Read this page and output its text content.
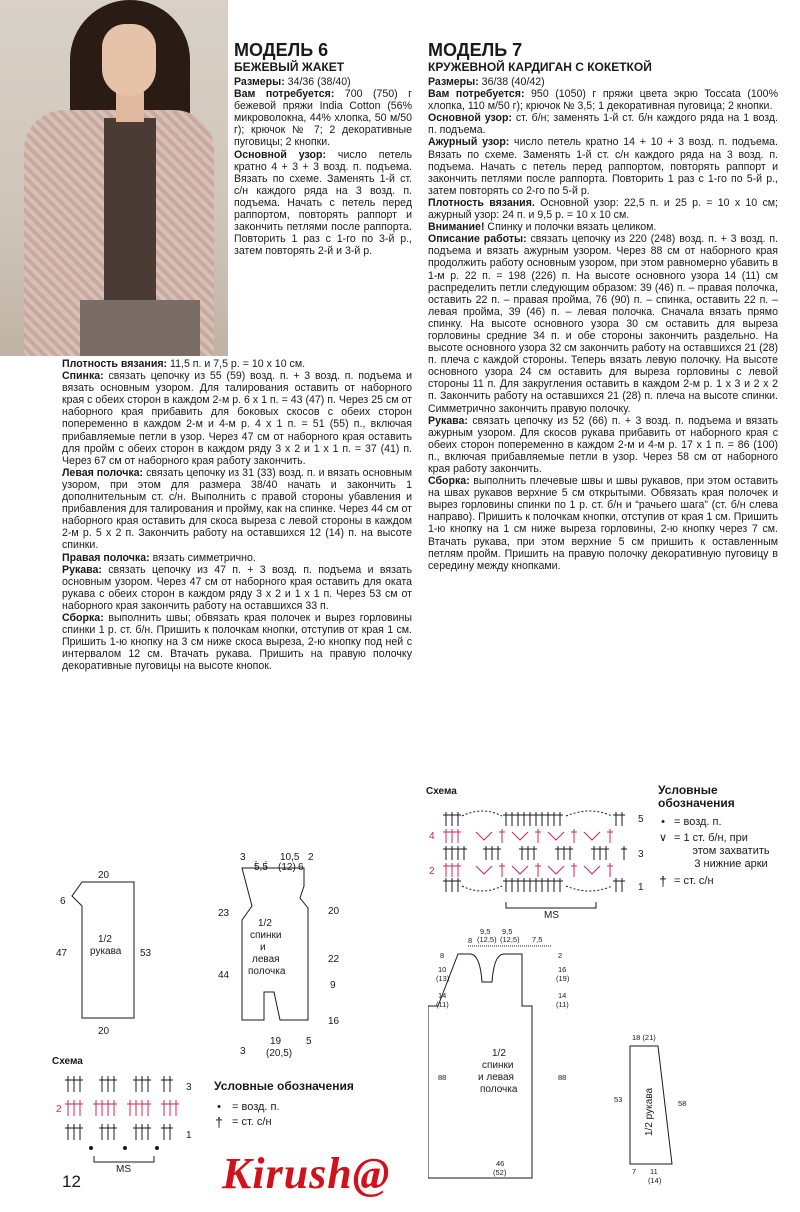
МОДЕЛЬ 6
БЕЖЕВЫЙ ЖАКЕТ

Размеры: 34/36 (38/40)

Вам потребуется: 700 (750) г бежевой пряжи India Cotton (56% микроволокна, 44% хлопка, 50 м/50 г); крючок № 7; 2 декоративные пуговицы; 2 кнопки.

Основной узор: число петель кратно 4 + 3 + 3 возд. п. подъема. Вязать по схеме. Заменять 1-й ст. с/н каждого ряда на 3 возд. п. подъема. Начать с петель перед раппортом, повторять раппорт и закончить петлями после раппорта. Повторить 1 раз с 1-го по 3-й р., затем повторять 2-й и 3-й р.

Плотность вязания: 11,5 п. и 7,5 р. = 10 х 10 см.

Спинка: связать цепочку из 55 (59) возд. п. + 3 возд. п. подъема и вязать основным узором. Для талирования оставить от наборного края с обеих сторон в каждом 2-м р. 6 х 1 п. = 43 (47) п. Через 25 см от наборного края прибавить для боковых скосов с обеих сторон попеременно в каждом 2-м и 4-м р. 4 х 1 п. = 51 (55) п., включая прибавляемые петли в узор. Через 47 см от наборного края оставить для пройм с обеих сторон в каждом ряду 3 х 2 и 1 х 1 п. = 37 (41) п. Через 67 см от наборного края работу закончить.

Левая полочка: связать цепочку из 31 (33) возд. п. и вязать основным узором, при этом для размера 38/40 начать и закончить 1 дополнительным ст. с/н. Выполнить с правой стороны убавления и прибавления для талирования и пройму, как на спинке. Через 44 см от наборного края оставить для скоса выреза с левой стороны в каждом 2-м р. 5 х 2 п. Закончить работу на оставшихся 12 (14) п. на высоте спинки.

Правая полочка: вязать симметрично.

Рукава: связать цепочку из 47 п. + 3 возд. п. подъема и вязать основным узором. Через 47 см от наборного края оставить для оката рукава с обеих сторон в каждом ряду 3 х 2 и 1 х 1 п. Через 53 см от наборного края закончить работу на оставшихся 33 п.

Сборка: выполнить швы; обвязать края полочек и вырез горловины спинки 1 р. ст. б/н. Пришить к полочкам кнопки, отступив от края 1 см. Пришить 1-ю кнопку на 3 см ниже скоса выреза, 2-ю кнопку под ней с интервалом 12 см. Втачать рукава. Пришить на правую полочку декоративные пуговицы на высоте кнопок.

МОДЕЛЬ 7
КРУЖЕВНОЙ КАРДИГАН С КОКЕТКОЙ

Размеры: 36/38 (40/42)

Вам потребуется: 950 (1050) г пряжи цвета экрю Toccata (100% хлопка, 110 м/50 г); крючок № 3,5; 1 декоративная пуговица; 2 кнопки.

Основной узор: ст. б/н; заменять 1-й ст. б/н каждого ряда на 1 возд. п. подъема.

Ажурный узор: число петель кратно 14 + 10 + 3 возд. п. подъема. Вязать по схеме. Заменять 1-й ст. с/н каждого ряда на 3 возд. п. подъема. Начать с петель перед раппортом, повторять раппорт и закончить петлями после раппорта. Повторить 1 раз с 1-го по 5-й р., затем повторять со 2-го по 5-й р.

Плотность вязания. Основной узор: 22,5 п. и 25 р. = 10 х 10 см; ажурный узор: 24 п. и 9,5 р. = 10 х 10 см.

Внимание! Спинку и полочки вязать целиком.

Описание работы: связать цепочку из 220 (248) возд. п. + 3 возд. п. подъема и вязать ажурным узором. Через 88 см от наборного края продолжить работу основным узором, при этом равномерно убавить в 1-м р. 22 п. = 198 (226) п. На высоте основного узора 14 (11) см распределить петли следующим образом: 39 (46) п. – правая полочка, оставить 22 п. – правая пройма, 76 (90) п. – спинка, оставить 22 п. – левая пройма, 39 (46) п. – левая полочка. Сначала вязать прямо спинку. На высоте основного узора 30 см оставить для выреза горловины средние 34 п. и обе стороны закончить раздельно. На высоте основного узора 32 см закончить работу на оставшихся 21 (28) п. плеча с каждой стороны. Теперь вязать левую полочку. На высоте основного узора 24 см оставить для выреза горловины с левой стороны 11 п. Для закругления оставить в каждом 2-м р. 1 х 3 и 2 х 2 п. Закончить работу на оставшихся 21 (28) п. плеча на высоте спинки. Симметрично закончить правую полочку.

Рукава: связать цепочку из 52 (66) п. + 3 возд. п. подъема и вязать ажурным узором. Для скосов рукава прибавить от наборного края с обеих сторон попеременно в каждом 2-м и 4-м р. 17 х 1 п. = 86 (100) п., включая прибавляемые петли в узор. Через 58 см от наборного края работу закончить.

Сборка: выполнить плечевые швы и швы рукавов, при этом оставить на швах рукавов верхние 5 см открытыми. Обвязать края полочек и вырез горловины спинки по 1 р. ст. б/н и “рачьего шага” (ст. б/н слева направо). Пришить к полочкам кнопки, отступив от края 1 см. Пришить 1-ю кнопку на 1 см ниже выреза горловины, 2-ю кнопку через 7 см. Втачать рукава, при этом верхние 5 см пришить к оставленным петлям пройм. Пришить на правую полочку декоративную пуговицу в середину между кнопками.

Схема
5
4
3
2
1
MS
Условные
обозначения
• = возд. п.
∨ = 1 ст. б/н, при
этом захватить
3 нижние арки
† = ст. с/н
8
9,5
(12,5)
9,5
(12,5) 7,5
8
10
(13)
14
(11)
88
2
16
(19)
14
(11)
88
46
(52)
1/2
спинки
и левая
полочка
18 (21)
53	58
7 11
(14)
1/2 рукава
20
20
6
47	53
1/2
рукава
3
5,5
10,5
(12) 6
2
23
44
20
22
9
16
3
19
(20,5)
5
1/2
спинки
и
левая
полочка
Схема
3
2
1
MS
Условные обозначения
• = возд. п.
† = ст. с/н
12	Kirush@
